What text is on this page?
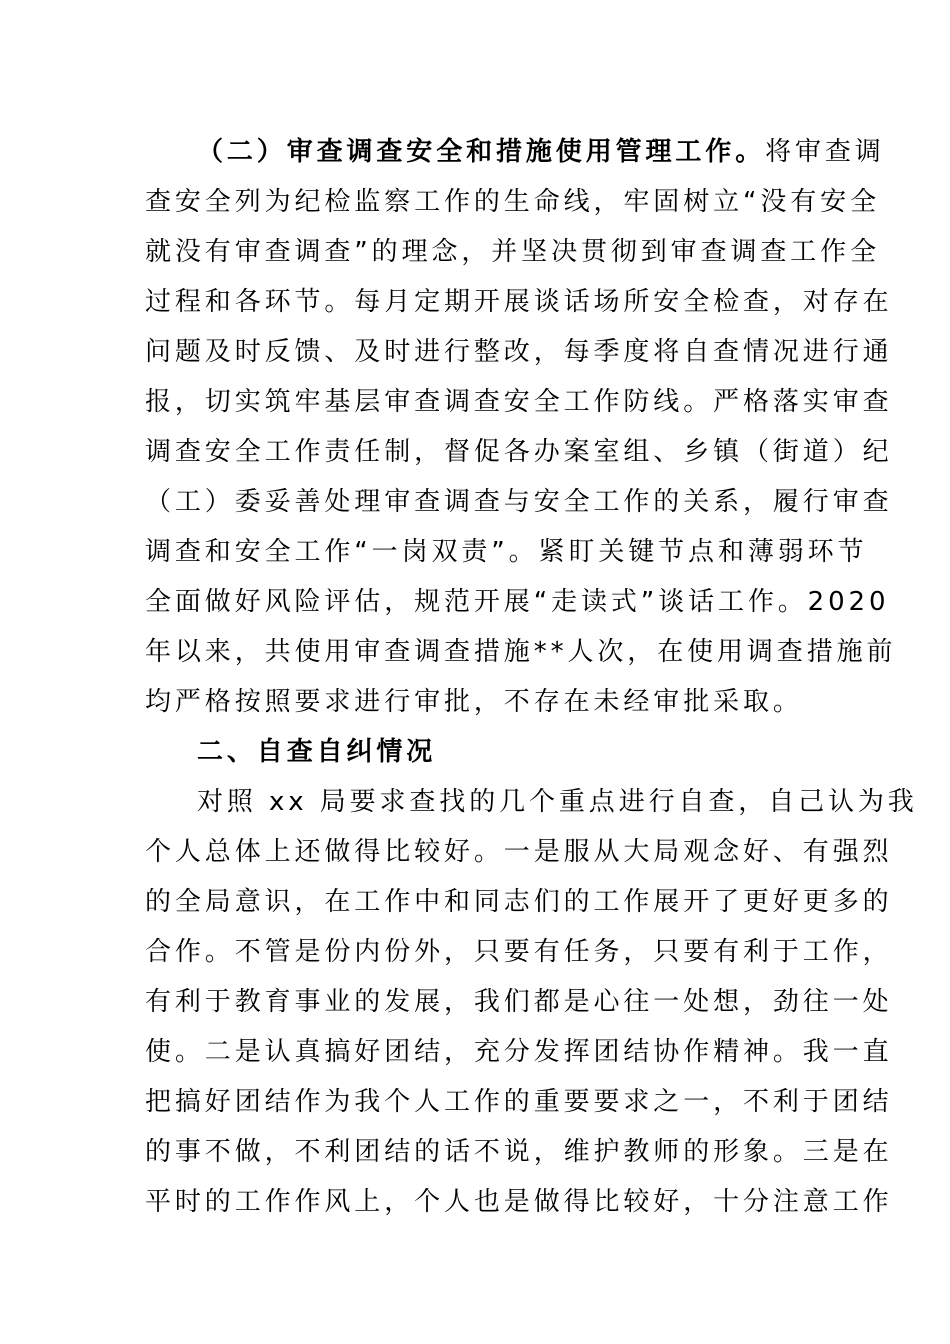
（二）审查调查安全和措施使用管理工作。将审查调
查安全列为纪检监察工作的生命线，牢固树立“没有安全
就没有审查调查”的理念，并坚决贯彻到审查调查工作全
过程和各环节。每月定期开展谈话场所安全检查，对存在
问题及时反馈、及时进行整改，每季度将自查情况进行通
报，切实筑牢基层审查调查安全工作防线。严格落实审查
调查安全工作责任制，督促各办案室组、乡镇（街道）纪
（工）委妥善处理审查调查与安全工作的关系，履行审查
调查和安全工作“一岗双责”。紧盯关键节点和薄弱环节
全面做好风险评估，规范开展“走读式”谈话工作。2020
年以来，共使用审查调查措施**人次，在使用调查措施前
均严格按照要求进行审批，不存在未经审批采取。
二、自查自纠情况
对照 xx 局要求查找的几个重点进行自查，自己认为我
个人总体上还做得比较好。一是服从大局观念好、有强烈
的全局意识，在工作中和同志们的工作展开了更好更多的
合作。不管是份内份外，只要有任务，只要有利于工作，
有利于教育事业的发展，我们都是心往一处想，劲往一处
使。二是认真搞好团结，充分发挥团结协作精神。我一直
把搞好团结作为我个人工作的重要要求之一，不利于团结
的事不做，不利团结的话不说，维护教师的形象。三是在
平时的工作作风上，个人也是做得比较好，十分注意工作
